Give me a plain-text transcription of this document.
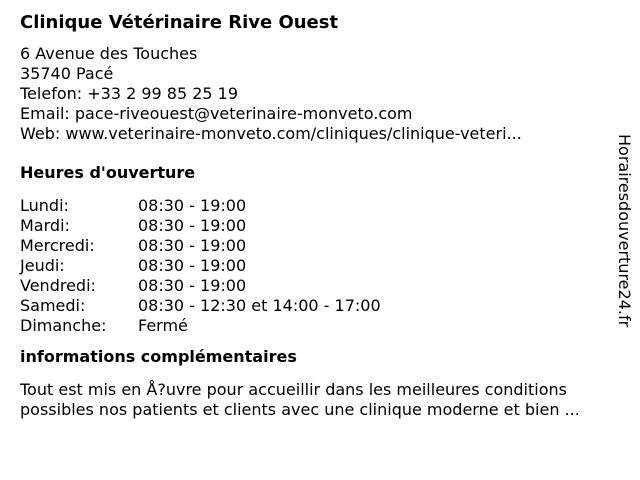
Clinique Vétérinaire Rive Ouest
6 Avenue des Touches
35740 Pacé
Telefon: +33 2 99 85 25 19
Email: pace-riveouest@veterinaire-monveto.com
Web: www.veterinaire-monveto.com/cliniques/clinique-veteri...
Heures d'ouverture
Lundi:	08:30 - 19:00
Mardi:	08:30 - 19:00
Mercredi:	08:30 - 19:00
Jeudi:	08:30 - 19:00
Vendredi:	08:30 - 19:00
Samedi:	08:30 - 12:30 et 14:00 - 17:00
Dimanche:	Fermé
informations complémentaires
Tout est mis en Å?uvre pour accueillir dans les meilleures conditions
possibles nos patients et clients avec une clinique moderne et bien ...
Horairesdouverture24.fr
